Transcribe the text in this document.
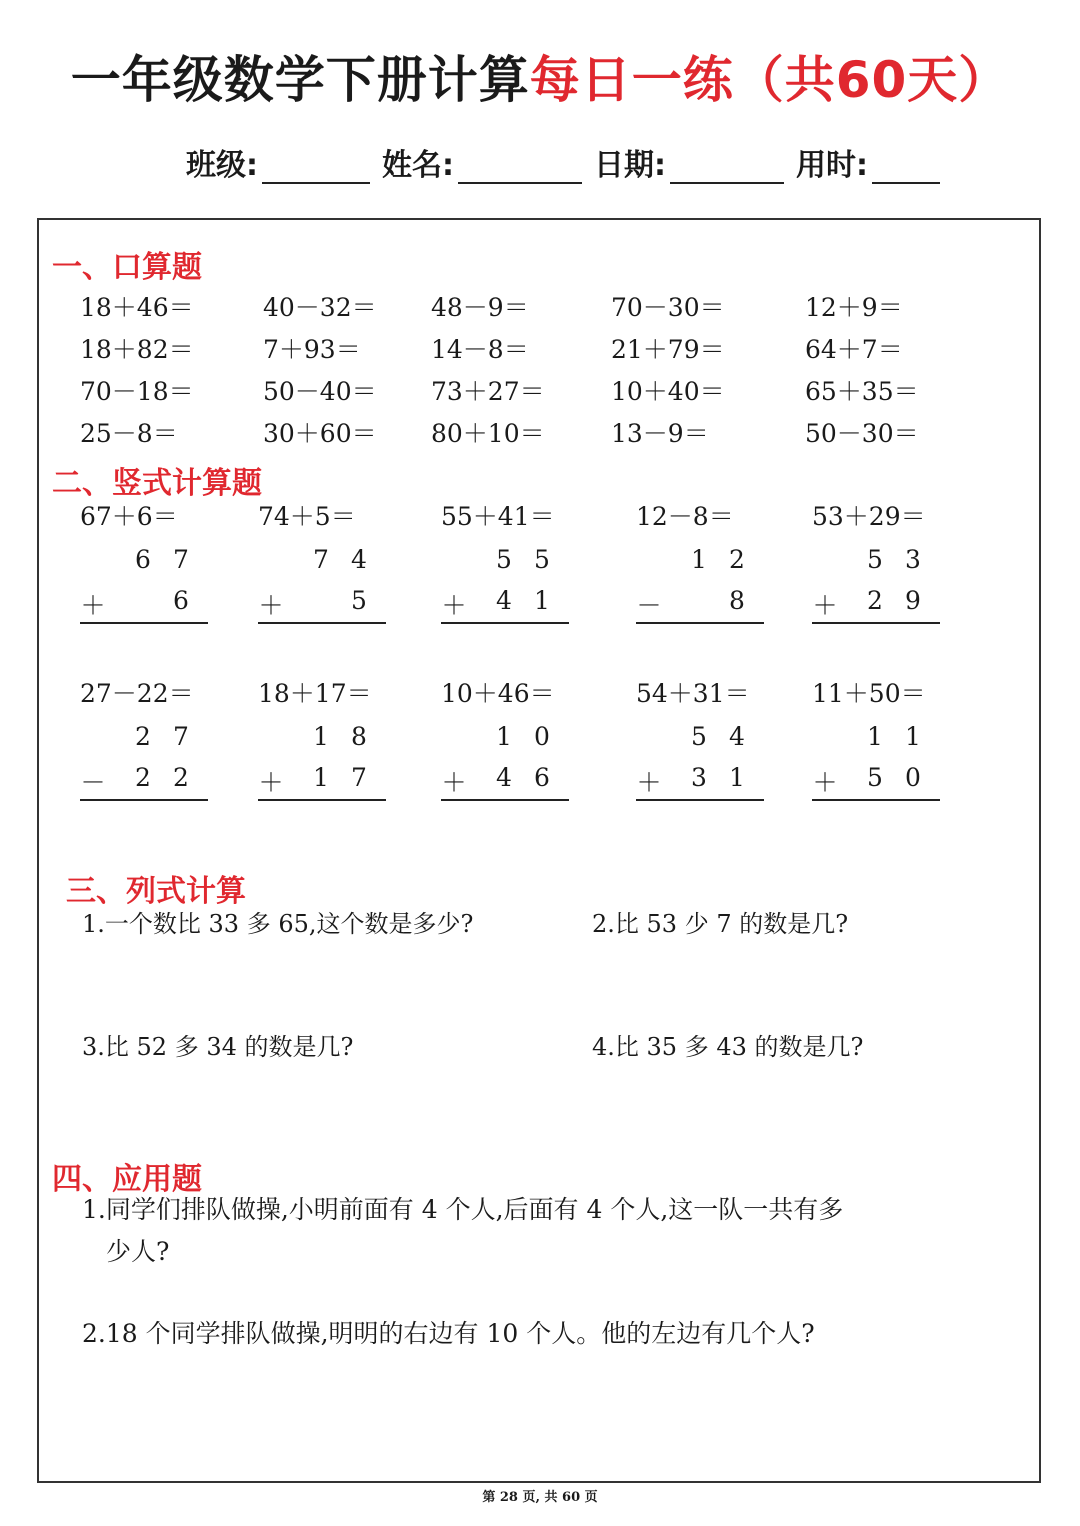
一年级数学下册计算每日一练（共60天）
班级:	姓名:	日期:	用时:
一、口算题
18＋46＝	40－32＝ 48－9＝	70－30＝	12＋9＝
18＋82＝	7＋93＝	14－8＝	21＋79＝	64＋7＝
70－18＝	50－40＝ 73＋27＝	10＋40＝	65＋35＝
25－8＝	30＋60＝ 80＋10＝	13－9＝	50－30＝
二、竖式计算题
67＋6＝
6 7
＋	6
74＋5＝
7 4
＋	5
55＋41＝
5 5
＋ 4 1
12－8＝
1 2
－	8
53＋29＝
5 3
＋ 2 9
27－22＝
2 7
－ 2 2
18＋17＝
1 8
＋ 1 7
10＋46＝
1 0
＋ 4 6
54＋31＝
5 4
＋ 3 1
11＋50＝
1 1
＋ 5 0
三、列式计算
1.一个数比 33 多 65,这个数是多少?	2.比 53 少 7 的数是几?
3.比 52 多 34 的数是几?	4.比 35 多 43 的数是几?
四、应用题
1.同学们排队做操,小明前面有 4 个人,后面有 4 个人,这一队一共有多
少人?
2.18 个同学排队做操,明明的右边有 10 个人。他的左边有几个人?
第 28 页, 共 60 页
